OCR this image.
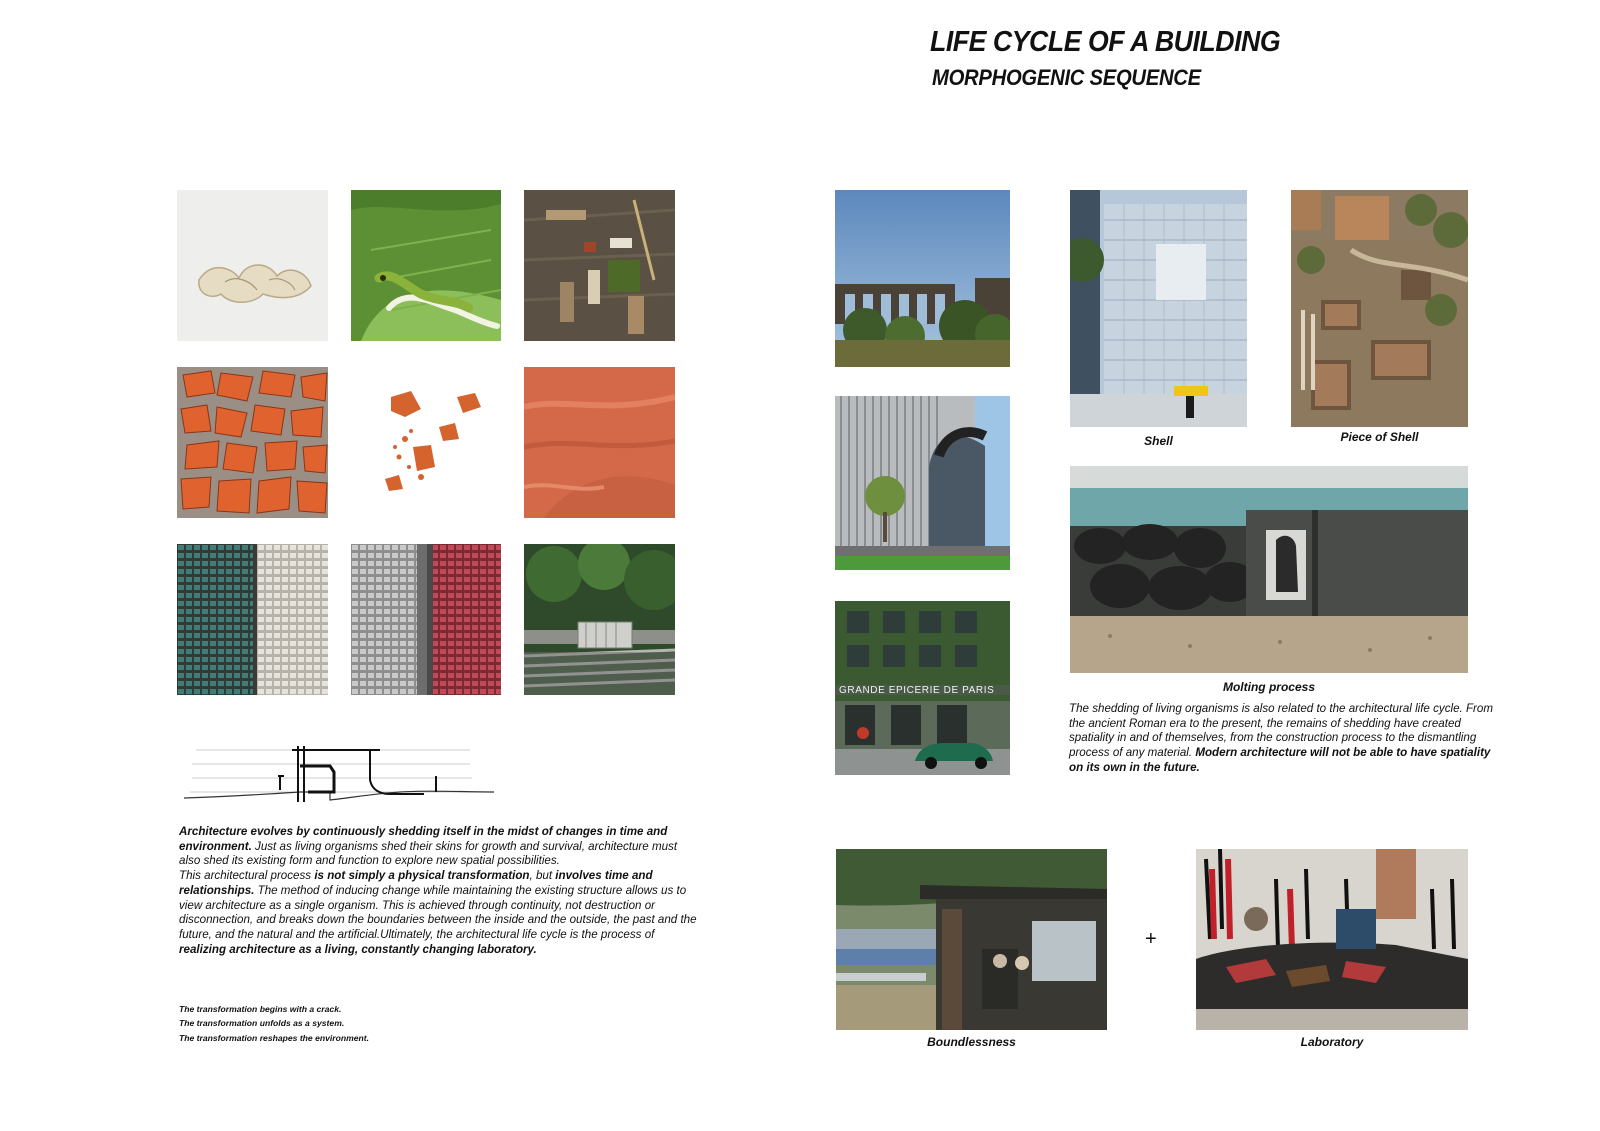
LIFE CYCLE OF A BUILDING
MORPHOGENIC SEQUENCE
Architecture evolves by continuously shedding itself in the midst of changes in time and environment. Just as living organisms shed their skins for growth and survival, architecture must also shed its existing form and function to explore new spatial possibilities.
This architectural process is not simply a physical transformation, but involves time and relationships. The method of inducing change while maintaining the existing structure allows us to view architecture as a single organism. This is achieved through continuity, not destruction or disconnection, and breaks down the boundaries between the inside and the outside, the past and the future, and the natural and the artificial.Ultimately, the architectural life cycle is the process of realizing architecture as a living, constantly changing laboratory.
The transformation begins with a crack.
The transformation unfolds as a system.
The transformation reshapes the environment.
GRANDE EPICERIE DE PARIS
Shell	Piece of Shell
Molting process
The shedding of living organisms is also related to the architectural life cycle. From the ancient Roman era to the present, the remains of shedding have created spatiality in and of themselves, from the construction process to the dismantling process of any material. Modern architecture will not be able to have spatiality on its own in the future.
Boundlessness
+
Laboratory
